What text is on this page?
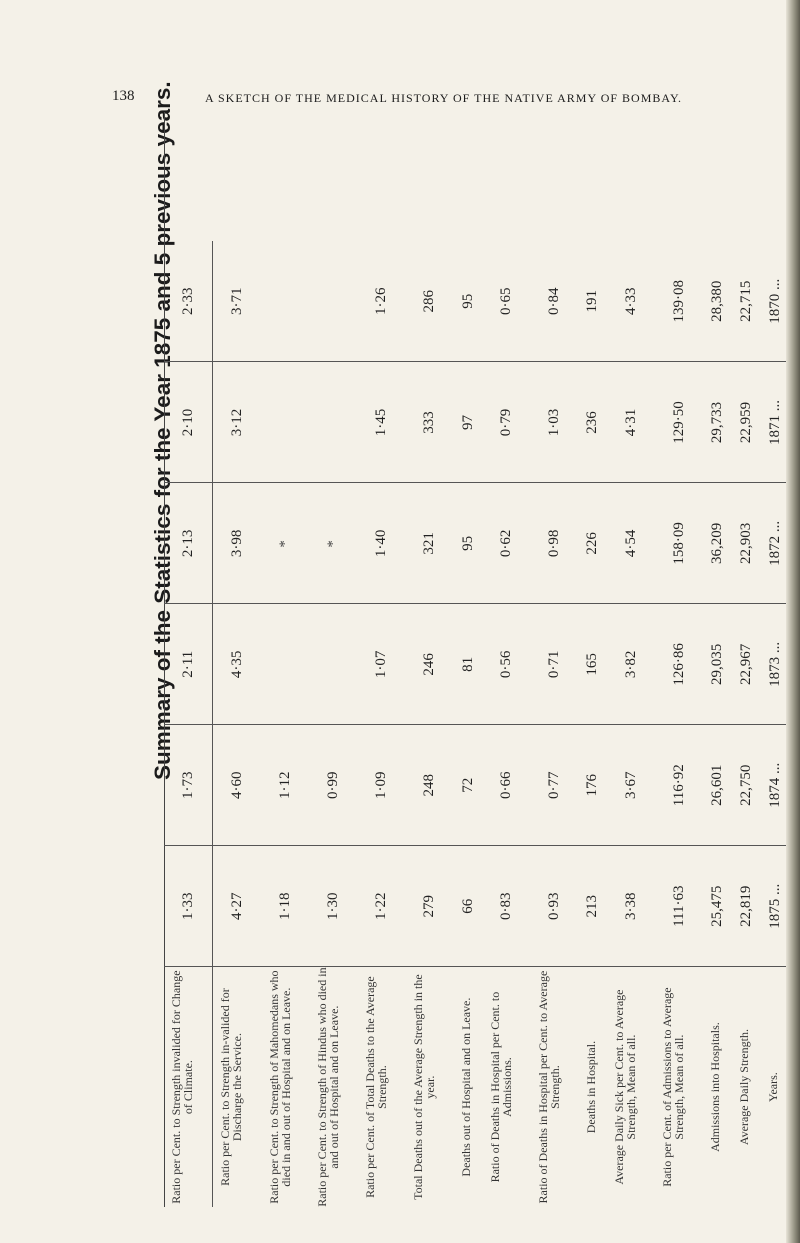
138	A SKETCH OF THE MEDICAL HISTORY OF THE NATIVE ARMY OF BOMBAY.
Summary of the Statistics for the Year 1875 and 5 previous years.
Ratio per Cent. to Strength invalided for Change of Climate.	1·33	1·73	2·11	2·13	2·10	2·33
Ratio per Cent. to Strength in-valided for Discharge the Service.	4·27	4·60	4·35	3·98	3·12	3·71
Ratio per Cent. to Strength of Mahomedans who died in and out of Hospital and on Leave.	1·18	1·12		*		
Ratio per Cent. to Strength of Hindus who died in and out of Hospital and on Leave.	1·30	0·99		*		
Ratio per Cent. of Total Deaths to the Average Strength.	1·22	1·09	1·07	1·40	1·45	1·26
Total Deaths out of the Average Strength in the year.	279	248	246	321	333	286
Deaths out of Hospital and on Leave.	66	72	81	95	97	95
Ratio of Deaths in Hospital per Cent. to Admissions.	0·83	0·66	0·56	0·62	0·79	0·65
Ratio of Deaths in Hospital per Cent. to Average Strength.	0·93	0·77	0·71	0·98	1·03	0·84
Deaths in Hospital.	213	176	165	226	236	191
Average Daily Sick per Cent. to Average Strength, Mean of all.	3·38	3·67	3·82	4·54	4·31	4·33
Ratio per Cent. of Admissions to Average Strength, Mean of all.	111·63	116·92	126·86	158·09	129·50	139·08
Admissions into Hospitals.	25,475	26,601	29,035	36,209	29,733	28,380
Average Daily Strength.	22,819	22,750	22,967	22,903	22,959	22,715
Years.	1875 ...	1874 ...	1873 ...	1872 ...	1871 ...	1870 ...
